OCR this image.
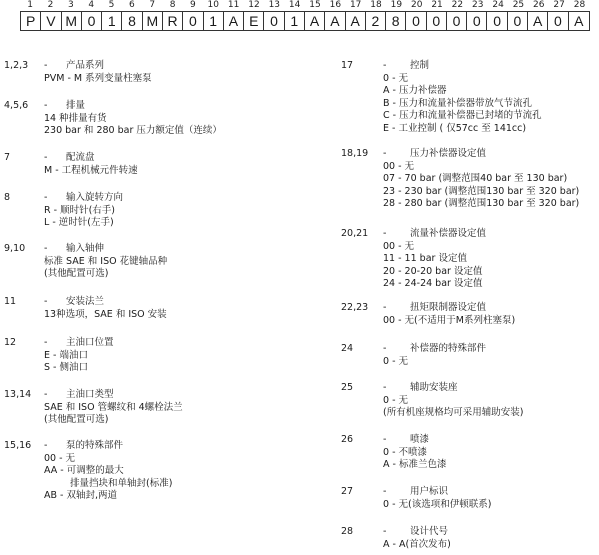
1	2	3	4	5	6	7	8	9	10 11 12 13 14 15 16 17 18 19 20 21 22 23 24 25 26 27 28
P V M 0 1 8 M R 0 1 A E 0 1 A A A 2 8 0 0 0 0 0 0 A 0 A
1,2,3 - 产品系列
PVM - M 系列变量柱塞泵
4,5,6 - 排量
14 种排量有货
230 bar 和 280 bar 压力额定值（连续）
7	- 配流盘
M - 工程机械元件转速
8	- 输入旋转方向
R - 顺时针(右手)
L - 逆时针(左手)
9,10 - 输入轴伸
标准 SAE 和 ISO 花键轴品种
(其他配置可选)
11	- 安装法兰
13种选项，SAE 和 ISO 安装
12	- 主油口位置
E - 端油口
S - 侧油口
13,14 - 主油口类型
SAE 和 ISO 管螺纹和 4螺栓法兰
(其他配置可选)
15,16 - 泵的特殊部件
00 - 无
AA - 可调整的最大
排量挡块和单轴封(标准)
AB - 双轴封,两道
17	- 控制
0 - 无
A - 压力补偿器
B - 压力和流量补偿器带放气节流孔
C - 压力和流量补偿器已封堵的节流孔
E - 工业控制 ( 仅57cc 至 141cc)
18,19 - 压力补偿器设定值
00 - 无
07 - 70 bar (调整范围40 bar 至 130 bar)
23 - 230 bar (调整范围130 bar 至 320 bar)
28 - 280 bar (调整范围130 bar 至 320 bar)
20,21 - 流量补偿器设定值
00 - 无
11 - 11 bar 设定值
20 - 20-20 bar 设定值
24 - 24-24 bar 设定值
22,23 - 扭矩限制器设定值
00 - 无(不适用于M系列柱塞泵)
24	- 补偿器的特殊部件
0 - 无
25	- 辅助安装座
0 - 无
(所有机座规格均可采用辅助安装)
26	- 喷漆
0 - 不喷漆
A - 标准兰色漆
27	- 用户标识
0 - 无(该选项和伊顿联系)
28	- 设计代号
A - A(首次发布)
